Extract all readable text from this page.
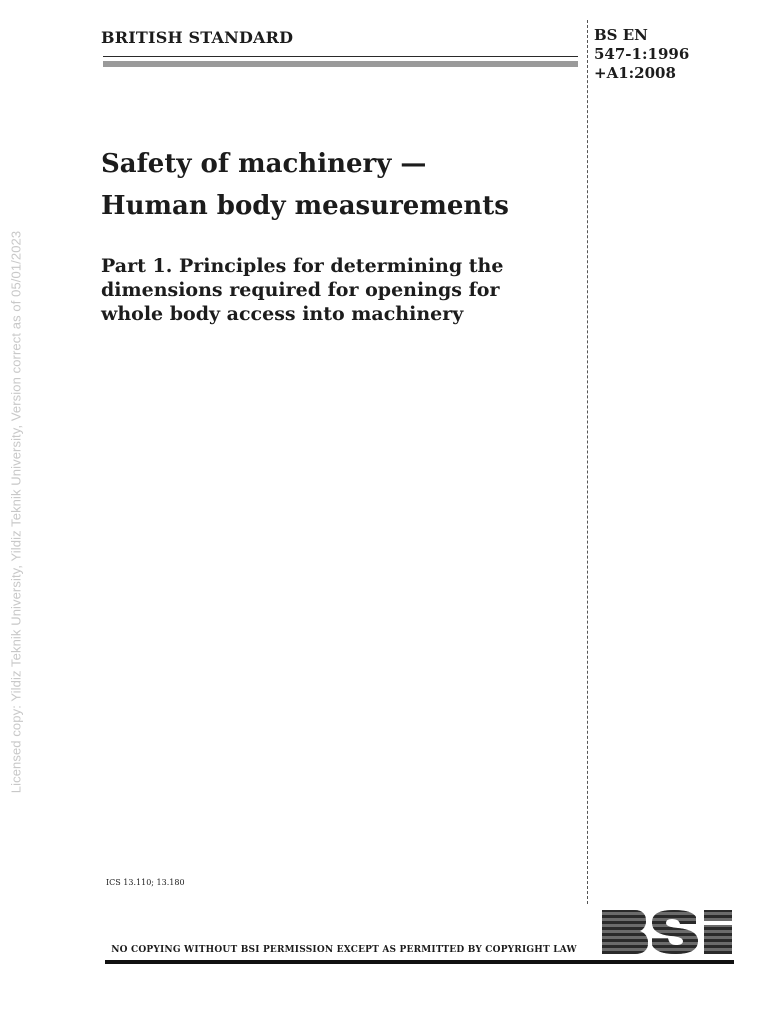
Licensed copy: Yildiz Teknik University, Yildiz Teknik University, Version correct as of 05/01/2023
BRITISH STANDARD	BS EN
547-1:1996
+A1:2008
Safety of machinery —
Human body measurements
Part 1. Principles for determining the
dimensions required for openings for
whole body access into machinery
ICS 13.110; 13.180
NO COPYING WITHOUT BSI PERMISSION EXCEPT AS PERMITTED BY COPYRIGHT LAW
